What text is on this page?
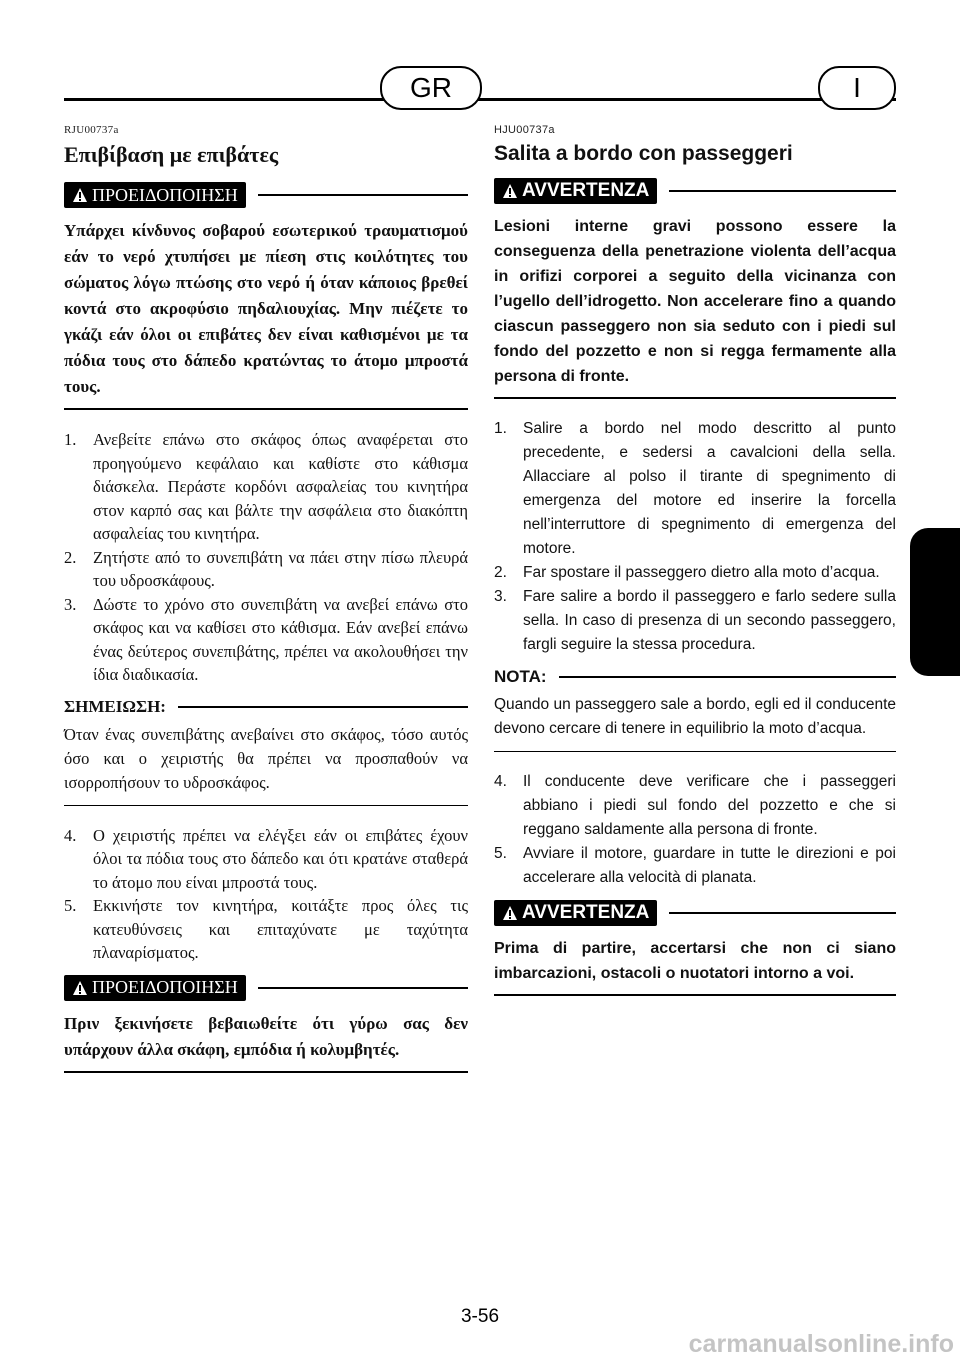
GR	I
RJU00737a
Επιβίβαση με επιβάτες
ΠΡΟΕΙΔΟΠΟΙΗΣΗ

Υπάρχει κίνδυνος σοβαρού εσωτερικού τραυματισμού εάν το νερό χτυπήσει με πίεση στις κοιλότητες του σώματος λόγω πτώσης στο νερό ή όταν κάποιος βρεθεί κοντά στο ακροφύσιο πηδαλιουχίας. Μην πιέζετε το γκάζι εάν όλοι οι επιβάτες δεν είναι καθισμένοι με τα πόδια τους στο δάπεδο κρατώντας το άτομο μπροστά τους.

1.	Ανεβείτε επάνω στο σκάφος όπως αναφέρεται στο προηγούμενο κεφάλαιο και καθίστε στο κάθισμα διάσκελα. Περάστε κορδόνι ασφαλείας του κινητήρα στον καρπό σας και βάλτε την ασφάλεια στο διακόπτη ασφαλείας του κινητήρα.
2.	Ζητήστε από το συνεπιβάτη να πάει στην πίσω πλευρά του υδροσκάφους.
3.	Δώστε το χρόνο στο συνεπιβάτη να ανεβεί επάνω στο σκάφος και να καθίσει στο κάθισμα. Εάν ανεβεί επάνω ένας δεύτερος συνεπιβάτης, πρέπει να ακολουθήσει την ίδια διαδικασία.
ΣΗΜΕΙΩΣΗ:

Όταν ένας συνεπιβάτης ανεβαίνει στο σκάφος, τόσο αυτός όσο και ο χειριστής θα πρέπει να προσπαθούν να ισορροπήσουν το υδροσκάφος.

4.	Ο χειριστής πρέπει να ελέγξει εάν οι επιβάτες έχουν όλοι τα πόδια τους στο δάπεδο και ότι κρατάνε σταθερά το άτομο που είναι μπροστά τους.
5.	Εκκινήστε τον κινητήρα, κοιτάξτε προς όλες τις κατευθύνσεις και επιταχύνατε με ταχύτητα πλαναρίσματος.
ΠΡΟΕΙΔΟΠΟΙΗΣΗ

Πριν ξεκινήσετε βεβαιωθείτε ότι γύρω σας δεν υπάρχουν άλλα σκάφη, εμπόδια ή κολυμβητές.

HJU00737a
Salita a bordo con passeggeri
AVVERTENZA

Lesioni interne gravi possono essere la conseguenza della penetrazione violenta dell’acqua in orifizi corporei a seguito della vicinanza con l’ugello dell’idrogetto. Non accelerare fino a quando ciascun passeggero non sia seduto con i piedi sul fondo del pozzetto e non si regga fermamente alla persona di fronte.

1.	Salire a bordo nel modo descritto al punto precedente, e sedersi a cavalcioni della sella. Allacciare al polso il tirante di spegnimento di emergenza del motore ed inserire la forcella nell’interruttore di spegnimento di emergenza del motore.
2.	Far spostare il passeggero dietro alla moto d’acqua.
3.	Fare salire a bordo il passeggero e farlo sedere sulla sella. In caso di presenza di un secondo passeggero, fargli seguire la stessa procedura.
NOTA:

Quando un passeggero sale a bordo, egli ed il conducente devono cercare di tenere in equilibrio la moto d’acqua.

4.	Il conducente deve verificare che i passeggeri abbiano i piedi sul fondo del pozzetto e che si reggano saldamente alla persona di fronte.
5.	Avviare il motore, guardare in tutte le direzioni e poi accelerare alla velocità di planata.
AVVERTENZA

Prima di partire, accertarsi che non ci siano imbarcazioni, ostacoli o nuotatori intorno a voi.

3-56
carmanualsonline.info
